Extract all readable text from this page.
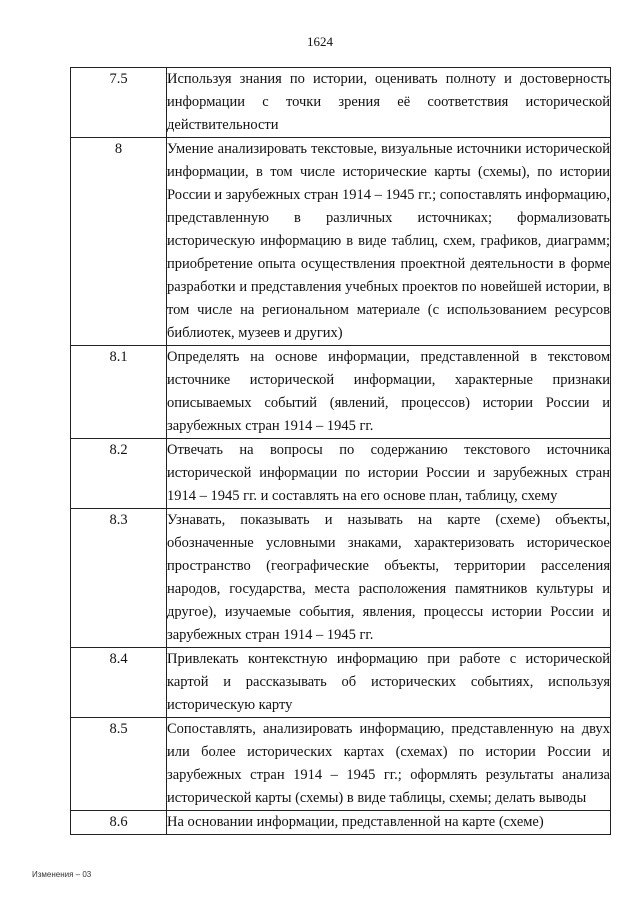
1624
7.5	Используя знания по истории, оценивать полноту и достоверность информации с точки зрения её соответствия исторической действительности
8	Умение анализировать текстовые, визуальные источники исторической информации, в том числе исторические карты (схемы), по истории России и зарубежных стран 1914 – 1945 гг.; сопоставлять информацию, представленную в различных источниках; формализовать историческую информацию в виде таблиц, схем, графиков, диаграмм; приобретение опыта осуществления проектной деятельности в форме разработки и представления учебных проектов по новейшей истории, в том числе на региональном материале (с использованием ресурсов библиотек, музеев и других)
8.1	Определять на основе информации, представленной в текстовом источнике исторической информации, характерные признаки описываемых событий (явлений, процессов) истории России и зарубежных стран 1914 – 1945 гг.
8.2	Отвечать на вопросы по содержанию текстового источника исторической информации по истории России и зарубежных стран 1914 – 1945 гг. и составлять на его основе план, таблицу, схему
8.3	Узнавать, показывать и называть на карте (схеме) объекты, обозначенные условными знаками, характеризовать историческое пространство (географические объекты, территории расселения народов, государства, места расположения памятников культуры и другое), изучаемые события, явления, процессы истории России и зарубежных стран 1914 – 1945 гг.
8.4	Привлекать контекстную информацию при работе с исторической картой и рассказывать об исторических событиях, используя историческую карту
8.5	Сопоставлять, анализировать информацию, представленную на двух или более исторических картах (схемах) по истории России и зарубежных стран 1914 – 1945 гг.; оформлять результаты анализа исторической карты (схемы) в виде таблицы, схемы; делать выводы
8.6	На основании информации, представленной на карте (схеме)
Изменения – 03
